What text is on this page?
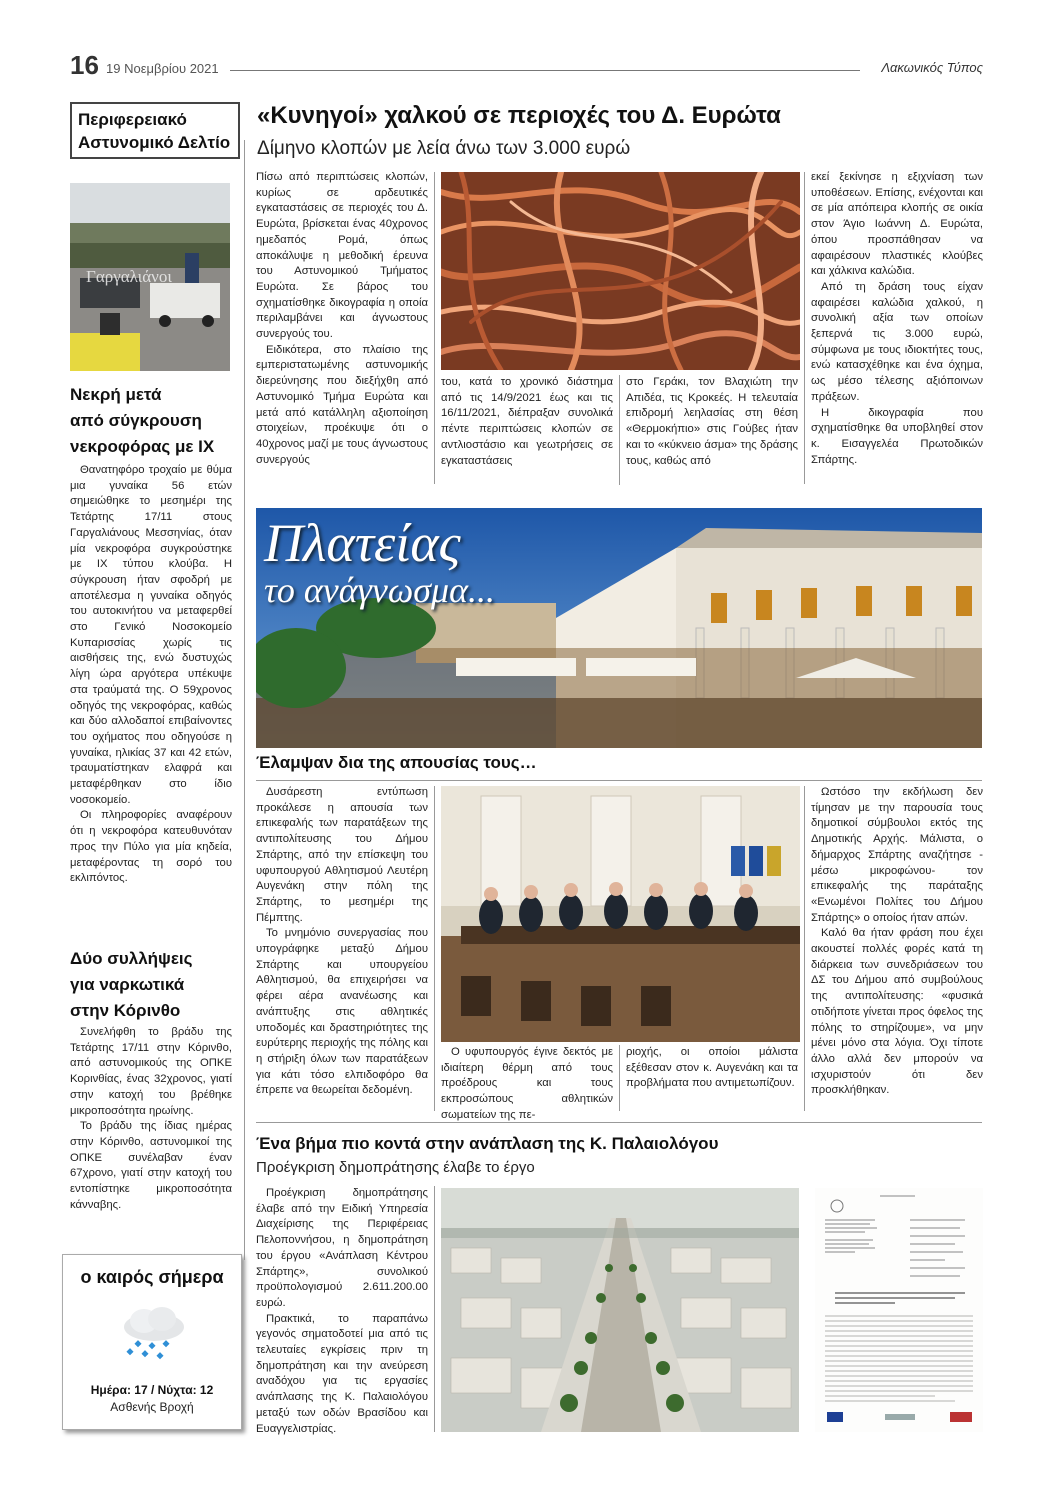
16 19 Νοεμβρίου 2021	Λακωνικός Τύπος
Περιφερειακό
Αστυνομικό Δελτίο
Γαργαλιάνοι
Νεκρή μετά
από σύγκρουση
νεκροφόρας με ΙΧ

Θανατηφόρο τροχαίο με θύμα μια γυναίκα 56 ετών σημειώθηκε το μεσημέρι της Τετάρτης 17/11 στους Γαργαλιάνους Μεσσηνίας, όταν μία νεκροφόρα συγκρούστηκε με ΙΧ τύπου κλούβα. Η σύγκρουση ήταν σφοδρή με αποτέλεσμα η γυναίκα οδηγός του αυτοκινήτου να μεταφερθεί στο Γενικό Νοσοκομείο Κυπαρισσίας χωρίς τις αισθήσεις της, ενώ δυστυχώς λίγη ώρα αργότερα υπέκυψε στα τραύματά της. Ο 59χρονος οδηγός της νεκροφόρας, καθώς και δύο αλλοδαποί επιβαίνοντες του οχήματος που οδηγούσε η γυναίκα, ηλικίας 37 και 42 ετών, τραυματίστηκαν ελαφρά και μεταφέρθηκαν στο ίδιο νοσοκομείο.

Οι πληροφορίες αναφέρουν ότι η νεκροφόρα κατευθυνόταν προς την Πύλο για μία κηδεία, μεταφέροντας τη σορό του εκλιπόντος.

Δύο συλλήψεις
για ναρκωτικά
στην Κόρινθο

Συνελήφθη το βράδυ της Τετάρτης 17/11 στην Κόρινθο, από αστυνομικούς της ΟΠΚΕ Κορινθίας, ένας 32χρονος, γιατί στην κατοχή του βρέθηκε μικροποσότητα ηρωίνης.

Το βράδυ της ίδιας ημέρας στην Κόρινθο, αστυνομικοί της ΟΠΚΕ συνέλαβαν έναν 67χρονο, γιατί στην κατοχή του εντοπίστηκε μικροποσότητα κάνναβης.

ο καιρός σήμερα
Ημέρα: 17 / Νύχτα: 12
Ασθενής Βροχή
«Κυνηγοί» χαλκού σε περιοχές του Δ. Ευρώτα
Δίμηνο κλοπών με λεία άνω των 3.000 ευρώ

Πίσω από περιπτώσεις κλοπών, κυρίως σε αρδευτικές εγκαταστάσεις σε περιοχές του Δ. Ευρώτα, βρίσκεται ένας 40χρονος ημεδαπός Ρομά, όπως αποκάλυψε η μεθοδική έρευνα του Αστυνομικού Τμήματος Ευρώτα. Σε βάρος του σχηματίσθηκε δικογραφία η οποία περιλαμβάνει και άγνωστους συνεργούς του.

Ειδικότερα, στο πλαίσιο της εμπεριστατωμένης αστυνομικής διερεύνησης που διεξήχθη από Αστυνομικό Τμήμα Ευρώτα και μετά από κατάλληλη αξιοποίηση στοιχείων, προέκυψε ότι ο 40χρονος μαζί με τους άγνωστους συνεργούς

του, κατά το χρονικό διάστημα από τις 14/9/2021 έως και τις 16/11/2021, διέπραξαν συνολικά πέντε περιπτώσεις κλοπών σε αντλιοστάσιο και γεωτρήσεις σε εγκαταστάσεις

στο Γεράκι, τον Βλαχιώτη την Απιδέα, τις Κροκεές. Η τελευταία επιδρομή λεηλασίας στη θέση «Θερμοκήπιο» στις Γούβες ήταν και το «κύκνειο άσμα» της δράσης τους, καθώς από

εκεί ξεκίνησε η εξιχνίαση των υποθέσεων. Επίσης, ενέχονται και σε μία απόπειρα κλοπής σε οικία στον Άγιο Ιωάννη Δ. Ευρώτα, όπου προσπάθησαν να αφαιρέσουν πλαστικές κλούβες και χάλκινα καλώδια.

Από τη δράση τους είχαν αφαιρέσει καλώδια χαλκού, η συνολική αξία των οποίων ξεπερνά τις 3.000 ευρώ, σύμφωνα με τους ιδιοκτήτες τους, ενώ κατασχέθηκε και ένα όχημα, ως μέσο τέλεσης αξιόποινων πράξεων.

Η δικογραφία που σχηματίσθηκε θα υποβληθεί στον κ. Εισαγγελέα Πρωτοδικών Σπάρτης.

Πλατείας
το ανάγνωσμα...
Έλαμψαν δια της απουσίας τους…

Δυσάρεστη εντύπωση προκάλεσε η απουσία των επικεφαλής των παρατάξεων της αντιπολίτευσης του Δήμου Σπάρτης, από την επίσκεψη του υφυπουργού Αθλητισμού Λευτέρη Αυγενάκη στην πόλη της Σπάρτης, το μεσημέρι της Πέμπτης.

Το μνημόνιο συνεργασίας που υπογράφηκε μεταξύ Δήμου Σπάρτης και υπουργείου Αθλητισμού, θα επιχειρήσει να φέρει αέρα ανανέωσης και ανάπτυξης στις αθλητικές υποδομές και δραστηριότητες της ευρύτερης περιοχής της πόλης και η στήριξη όλων των παρατάξεων για κάτι τόσο ελπιδοφόρο θα έπρεπε να θεωρείται δεδομένη.

Ο υφυπουργός έγινε δεκτός με ιδιαίτερη θέρμη από τους προέδρους και τους εκπροσώπους αθλητικών σωματείων της πε-

ριοχής, οι οποίοι μάλιστα εξέθεσαν στον κ. Αυγενάκη και τα προβλήματα που αντιμετωπίζουν.

Ωστόσο την εκδήλωση δεν τίμησαν με την παρουσία τους δημοτικοί σύμβουλοι εκτός της Δημοτικής Αρχής. Μάλιστα, ο δήμαρχος Σπάρτης αναζήτησε - μέσω μικροφώνου- τον επικεφαλής της παράταξης «Ενωμένοι Πολίτες του Δήμου Σπάρτης» ο οποίος ήταν απών.

Καλό θα ήταν φράση που έχει ακουστεί πολλές φορές κατά τη διάρκεια των συνεδριάσεων του ΔΣ του Δήμου από συμβούλους της αντιπολίτευσης: «φυσικά οτιδήποτε γίνεται προς όφελος της πόλης το στηρίζουμε», να μην μένει μόνο στα λόγια. Όχι τίποτε άλλο αλλά δεν μπορούν να ισχυριστούν ότι δεν προσκλήθηκαν.

Ένα βήμα πιο κοντά στην ανάπλαση της Κ. Παλαιολόγου
Προέγκριση δημοπράτησης έλαβε το έργο

Προέγκριση δημοπράτησης έλαβε από την Ειδική Υπηρεσία Διαχείρισης της Περιφέρειας Πελοποννήσου, η δημοπράτηση του έργου «Ανάπλαση Κέντρου Σπάρτης», συνολικού προϋπολογισμού 2.611.200.00 ευρώ.

Πρακτικά, το παραπάνω γεγονός σηματοδοτεί μια από τις τελευταίες εγκρίσεις πριν τη δημοπράτηση και την ανεύρεση αναδόχου για τις εργασίες ανάπλασης της Κ. Παλαιολόγου μεταξύ των οδών Βρασίδου και Ευαγγελιστρίας.
